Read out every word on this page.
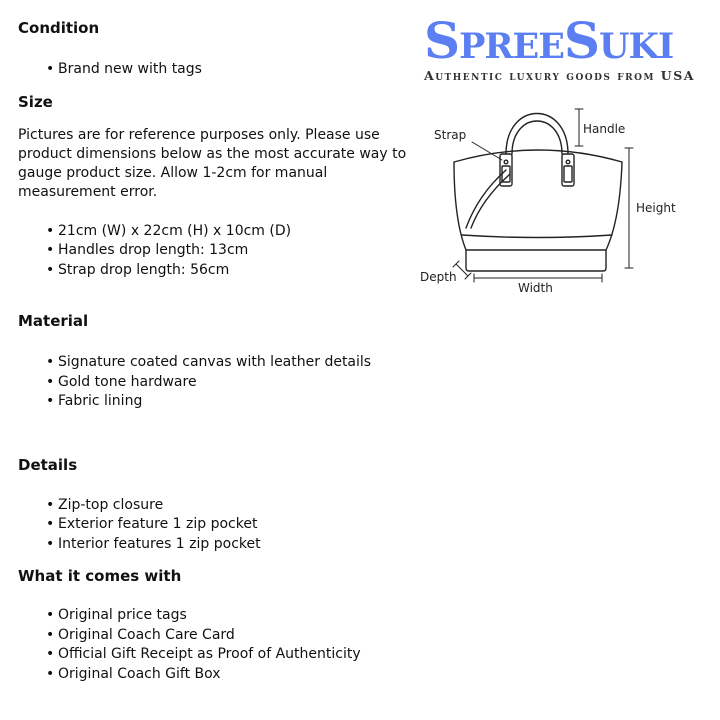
SpreeSuki
Authentic luxury goods from USA
Strap	Handle
Height
Depth
Width
Condition
• Brand new with tags
Size

Pictures are for reference purposes only. Please use product dimensions below as the most accurate way to gauge product size. Allow 1-2cm for manual measurement error.

• 21cm (W) x 22cm (H) x 10cm (D)
• Handles drop length: 13cm
• Strap drop length: 56cm
Material
• Signature coated canvas with leather details
• Gold tone hardware
• Fabric lining
Details
• Zip-top closure
• Exterior feature 1 zip pocket
• Interior features 1 zip pocket
What it comes with
• Original price tags
• Original Coach Care Card
• Official Gift Receipt as Proof of Authenticity
• Original Coach Gift Box
